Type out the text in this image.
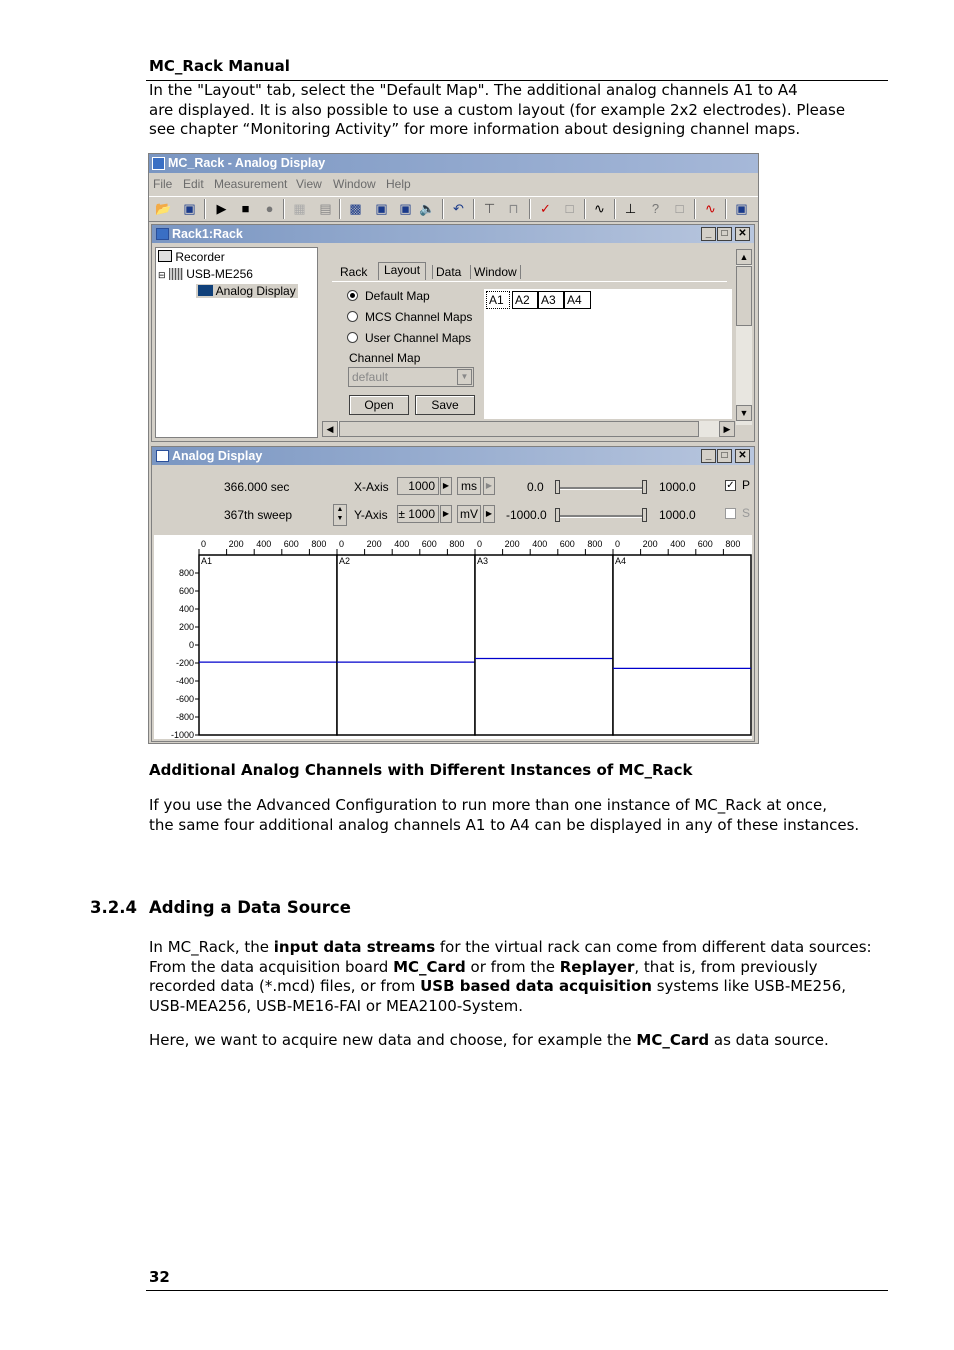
MC_Rack Manual
In the "Layout" tab, select the "Default Map". The additional analog channels A1 to A4
are displayed. It is also possible to use a custom layout (for example 2x2 electrodes). Please
see chapter “Monitoring Activity” for more information about designing channel maps.
MC_Rack - Analog Display
File Edit Measurement View Window Help
📂 ▣ ▶	■	●	▦ ▤ ▩ ▣ ▣ 🔈 ↶ ⊤ ⊓ ✓	□	∿ ⊥	?	□	∿ ▣
Rack1:Rack	_	□	✕
Recorder
⊟ USB-ME256
Analog Display
Rack	Layout	Data	Window
Default Map
MCS Channel Maps
User Channel Maps
Channel Map
default	▼
Open	Save
A1 A2 A3 A4
▲
▼
◀	▶
Analog Display	_	□	✕
366.000 sec
367th sweep
X-Axis	1000 ▶ ms	▶	0.0	1000.0	✓ P
▲
▼ Y-Axis ± 1000 ▶ mV ▶ -1000.0	1000.0	S
800
600
400
200
0
-200
-400
-600
-800
-1000
A1
0	200 400 600 800
A2
0	200 400 600 800
A3
0	200 400 600 800
A4
0	200 400 600 800
Additional Analog Channels with Different Instances of MC_Rack
If you use the Advanced Configuration to run more than one instance of MC_Rack at once,
the same four additional analog channels A1 to A4 can be displayed in any of these instances.
3.2.4 Adding a Data Source
In MC_Rack, the input data streams for the virtual rack can come from different data sources:
From the data acquisition board MC_Card or from the Replayer, that is, from previously
recorded data (*.mcd) files, or from USB based data acquisition systems like USB-ME256,
USB-MEA256, USB-ME16-FAI or MEA2100-System.
Here, we want to acquire new data and choose, for example the MC_Card as data source.
32
